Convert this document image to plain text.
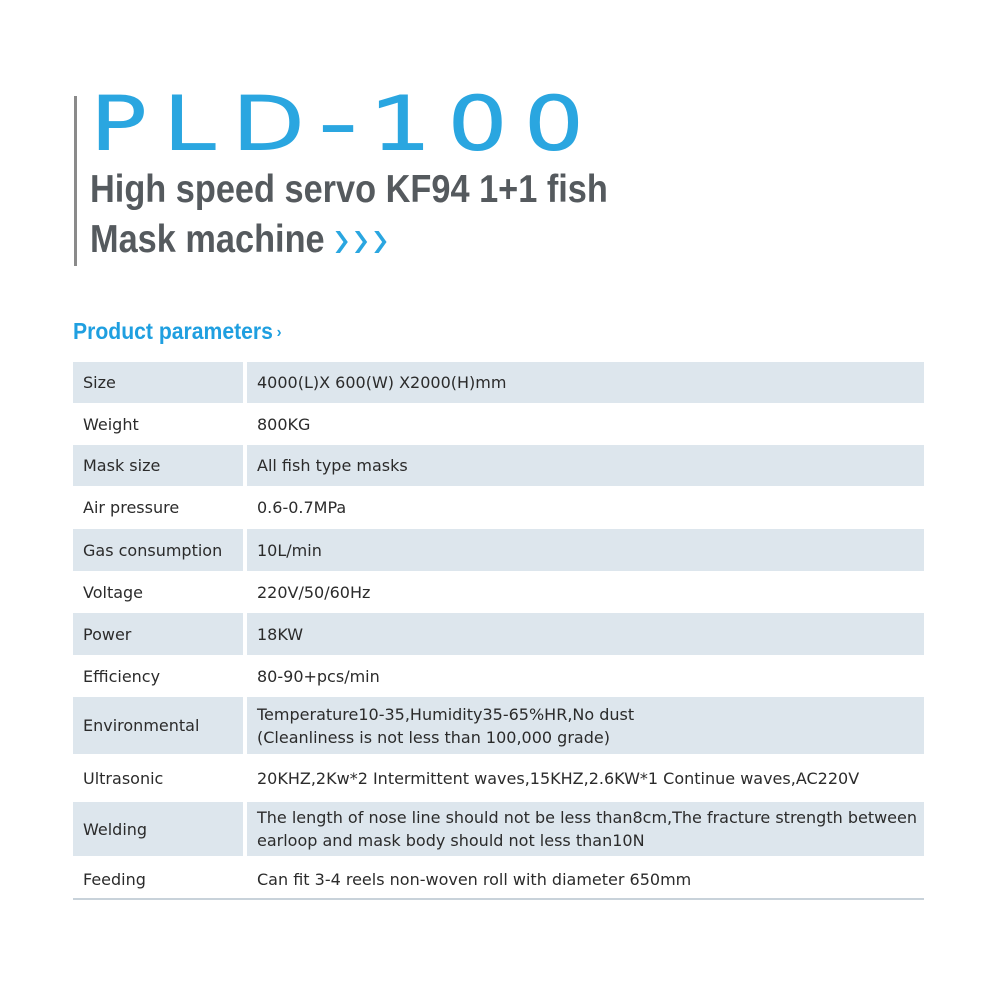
PLD-100
High speed servo KF94 1+1 fish
Mask machine
Product parameters ›
Size	4000(L)X 600(W) X2000(H)mm
Weight	800KG
Mask size	All fish type masks
Air pressure	0.6-0.7MPa
Gas consumption	10L/min
Voltage	220V/50/60Hz
Power	18KW
Efficiency	80-90+pcs/min
Environmental	Temperature10-35,Humidity35-65%HR,No dust
(Cleanliness is not less than 100,000 grade)

Ultrasonic	20KHZ,2Kw*2 Intermittent waves,15KHZ,2.6KW*1 Continue waves,AC220V
Welding	The length of nose line should not be less than8cm,The fracture strength between
earloop and mask body should not less than10N

Feeding	Can fit 3-4 reels non-woven roll with diameter 650mm
